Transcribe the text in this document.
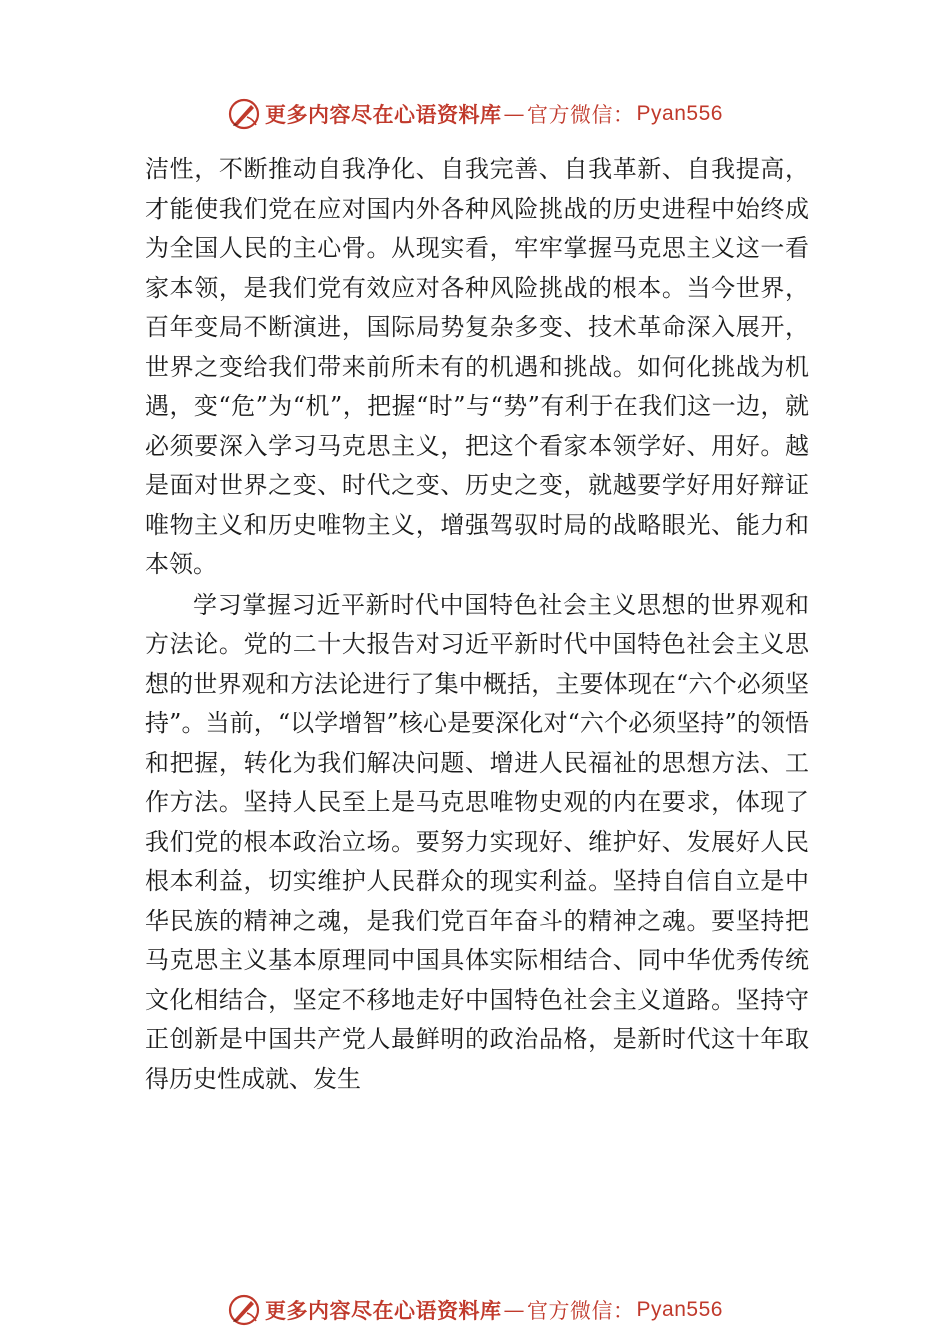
更多内容尽在心语资料库 — 官方微信： Pyan556

洁性，不断推动自我净化、自我完善、自我革新、自我提高，才能使我们党在应对国内外各种风险挑战的历史进程中始终成为全国人民的主心骨。从现实看，牢牢掌握马克思主义这一看家本领，是我们党有效应对各种风险挑战的根本。当今世界，百年变局不断演进，国际局势复杂多变、技术革命深入展开，世界之变给我们带来前所未有的机遇和挑战。如何化挑战为机遇，变“危”为“机”，把握“时”与“势”有利于在我们这一边，就必须要深入学习马克思主义，把这个看家本领学好、用好。越是面对世界之变、时代之变、历史之变，就越要学好用好辩证唯物主义和历史唯物主义，增强驾驭时局的战略眼光、能力和本领。

学习掌握习近平新时代中国特色社会主义思想的世界观和方法论。党的二十大报告对习近平新时代中国特色社会主义思想的世界观和方法论进行了集中概括，主要体现在“六个必须坚持”。当前，“以学增智”核心是要深化对“六个必须坚持”的领悟和把握，转化为我们解决问题、增进人民福祉的思想方法、工作方法。坚持人民至上是马克思唯物史观的内在要求，体现了我们党的根本政治立场。要努力实现好、维护好、发展好人民根本利益，切实维护人民群众的现实利益。坚持自信自立是中华民族的精神之魂，是我们党百年奋斗的精神之魂。要坚持把马克思主义基本原理同中国具体实际相结合、同中华优秀传统文化相结合，坚定不移地走好中国特色社会主义道路。坚持守正创新是中国共产党人最鲜明的政治品格，是新时代这十年取得历史性成就、发生

更多内容尽在心语资料库 — 官方微信： Pyan556
